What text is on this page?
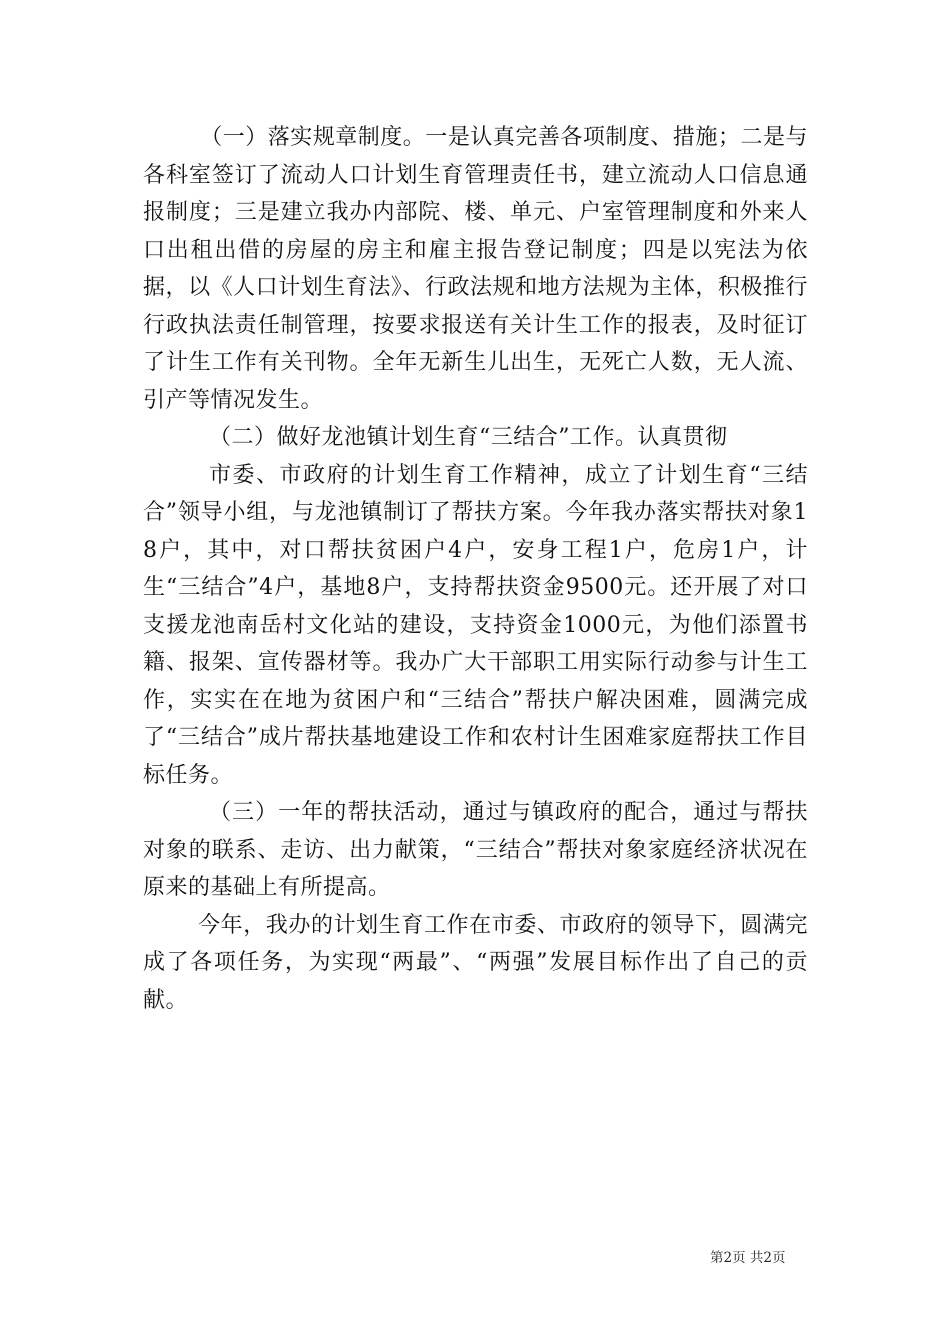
（一）落实规章制度。一是认真完善各项制度、措施；二是与各科室签订了流动人口计划生育管理责任书，建立流动人口信息通报制度；三是建立我办内部院、楼、单元、户室管理制度和外来人口出租出借的房屋的房主和雇主报告登记制度；四是以宪法为依据，以《人口计划生育法》、行政法规和地方法规为主体，积极推行行政执法责任制管理，按要求报送有关计生工作的报表，及时征订了计生工作有关刊物。全年无新生儿出生，无死亡人数，无人流、引产等情况发生。

（二）做好龙池镇计划生育“三结合”工作。认真贯彻

市委、市政府的计划生育工作精神，成立了计划生育“三结合”领导小组，与龙池镇制订了帮扶方案。今年我办落实帮扶对象18户，其中，对口帮扶贫困户4户，安身工程1户，危房1户，计生“三结合”4户，基地8户，支持帮扶资金9500元。还开展了对口支援龙池南岳村文化站的建设，支持资金1000元，为他们添置书籍、报架、宣传器材等。我办广大干部职工用实际行动参与计生工作，实实在在地为贫困户和“三结合”帮扶户解决困难，圆满完成了“三结合”成片帮扶基地建设工作和农村计生困难家庭帮扶工作目标任务。

（三）一年的帮扶活动，通过与镇政府的配合，通过与帮扶对象的联系、走访、出力献策，“三结合”帮扶对象家庭经济状况在原来的基础上有所提高。

今年，我办的计划生育工作在市委、市政府的领导下，圆满完成了各项任务，为实现“两最”、“两强”发展目标作出了自己的贡献。

第2页 共2页
